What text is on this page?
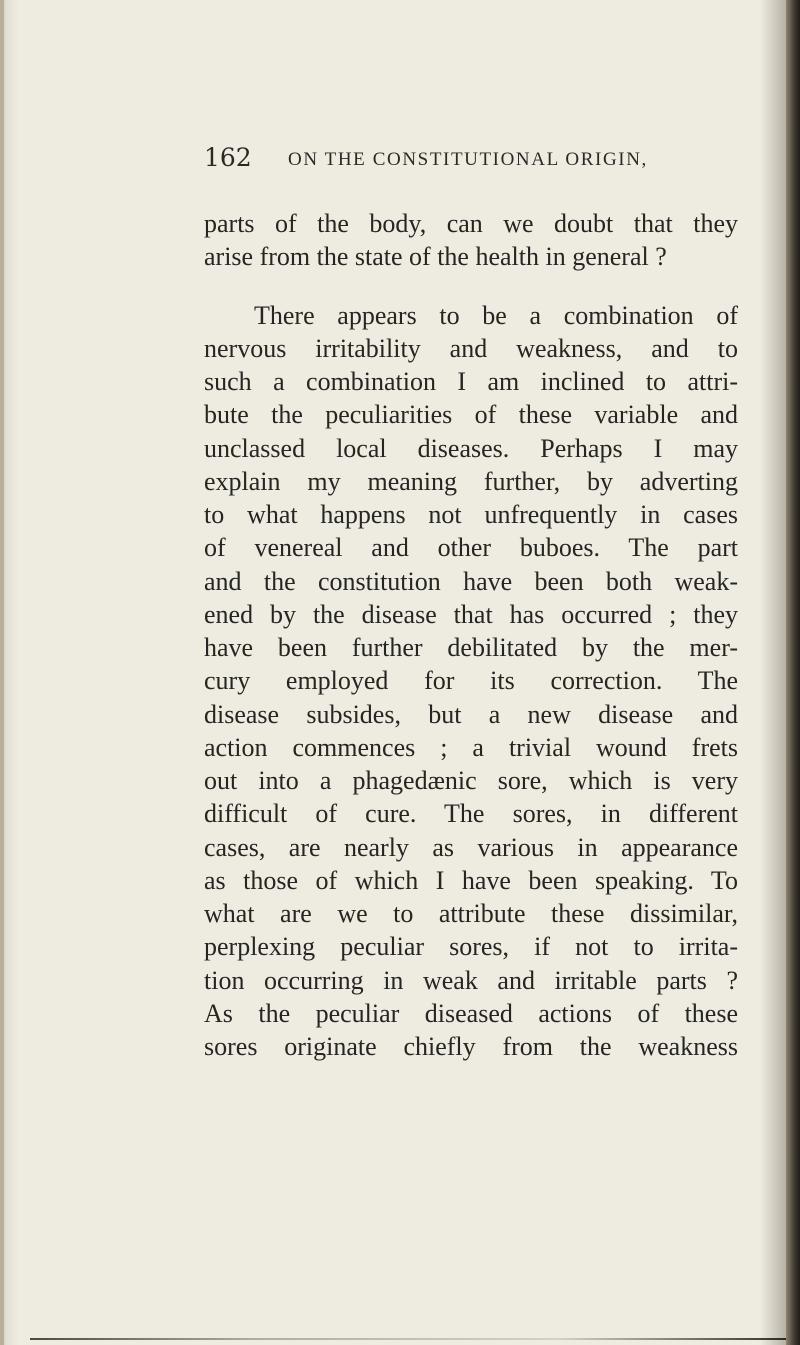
162 ON THE CONSTITUTIONAL ORIGIN,
parts of the body, can we doubt that they
arise from the state of the health in general ?
There appears to be a combination of
nervous irritability and weakness, and to
such a combination I am inclined to attri-
bute the peculiarities of these variable and
unclassed local diseases. Perhaps I may
explain my meaning further, by adverting
to what happens not unfrequently in cases
of venereal and other buboes. The part
and the constitution have been both weak-
ened by the disease that has occurred ; they
have been further debilitated by the mer-
cury employed for its correction. The
disease subsides, but a new disease and
action commences ; a trivial wound frets
out into a phagedænic sore, which is very
difficult of cure. The sores, in different
cases, are nearly as various in appearance
as those of which I have been speaking. To
what are we to attribute these dissimilar,
perplexing peculiar sores, if not to irrita-
tion occurring in weak and irritable parts ?
As the peculiar diseased actions of these
sores originate chiefly from the weakness
